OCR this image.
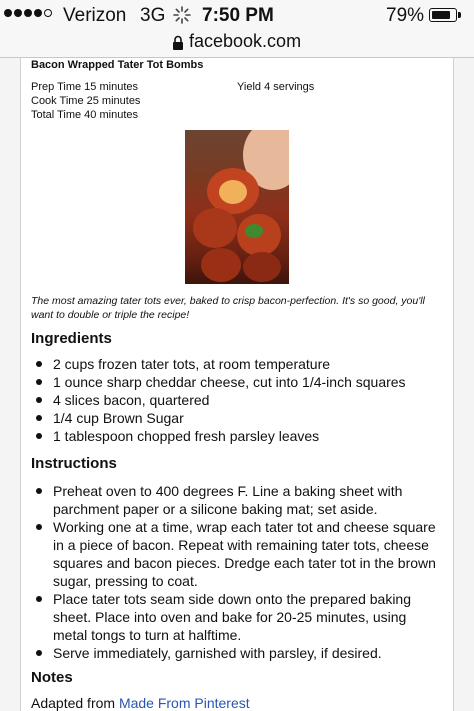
Verizon 3G 7:50 PM	79%
facebook.com
Bacon Wrapped Tater Tot Bombs
Prep Time 15 minutes
Cook Time 25 minutes
Total Time 40 minutes
Yield 4 servings
The most amazing tater tots ever, baked to crisp bacon-perfection. It's so good, you'll want to double or triple the recipe!
Ingredients
2 cups frozen tater tots, at room temperature
1 ounce sharp cheddar cheese, cut into 1/4-inch squares
4 slices bacon, quartered
1/4 cup Brown Sugar
1 tablespoon chopped fresh parsley leaves
Instructions
Preheat oven to 400 degrees F. Line a baking sheet with parchment paper or a silicone baking mat; set aside.
Working one at a time, wrap each tater tot and cheese square in a piece of bacon. Repeat with remaining tater tots, cheese squares and bacon pieces. Dredge each tater tot in the brown sugar, pressing to coat.
Place tater tots seam side down onto the prepared baking sheet. Place into oven and bake for 20-25 minutes, using metal tongs to turn at halftime.
Serve immediately, garnished with parsley, if desired.
Notes
Adapted from Made From Pinterest
